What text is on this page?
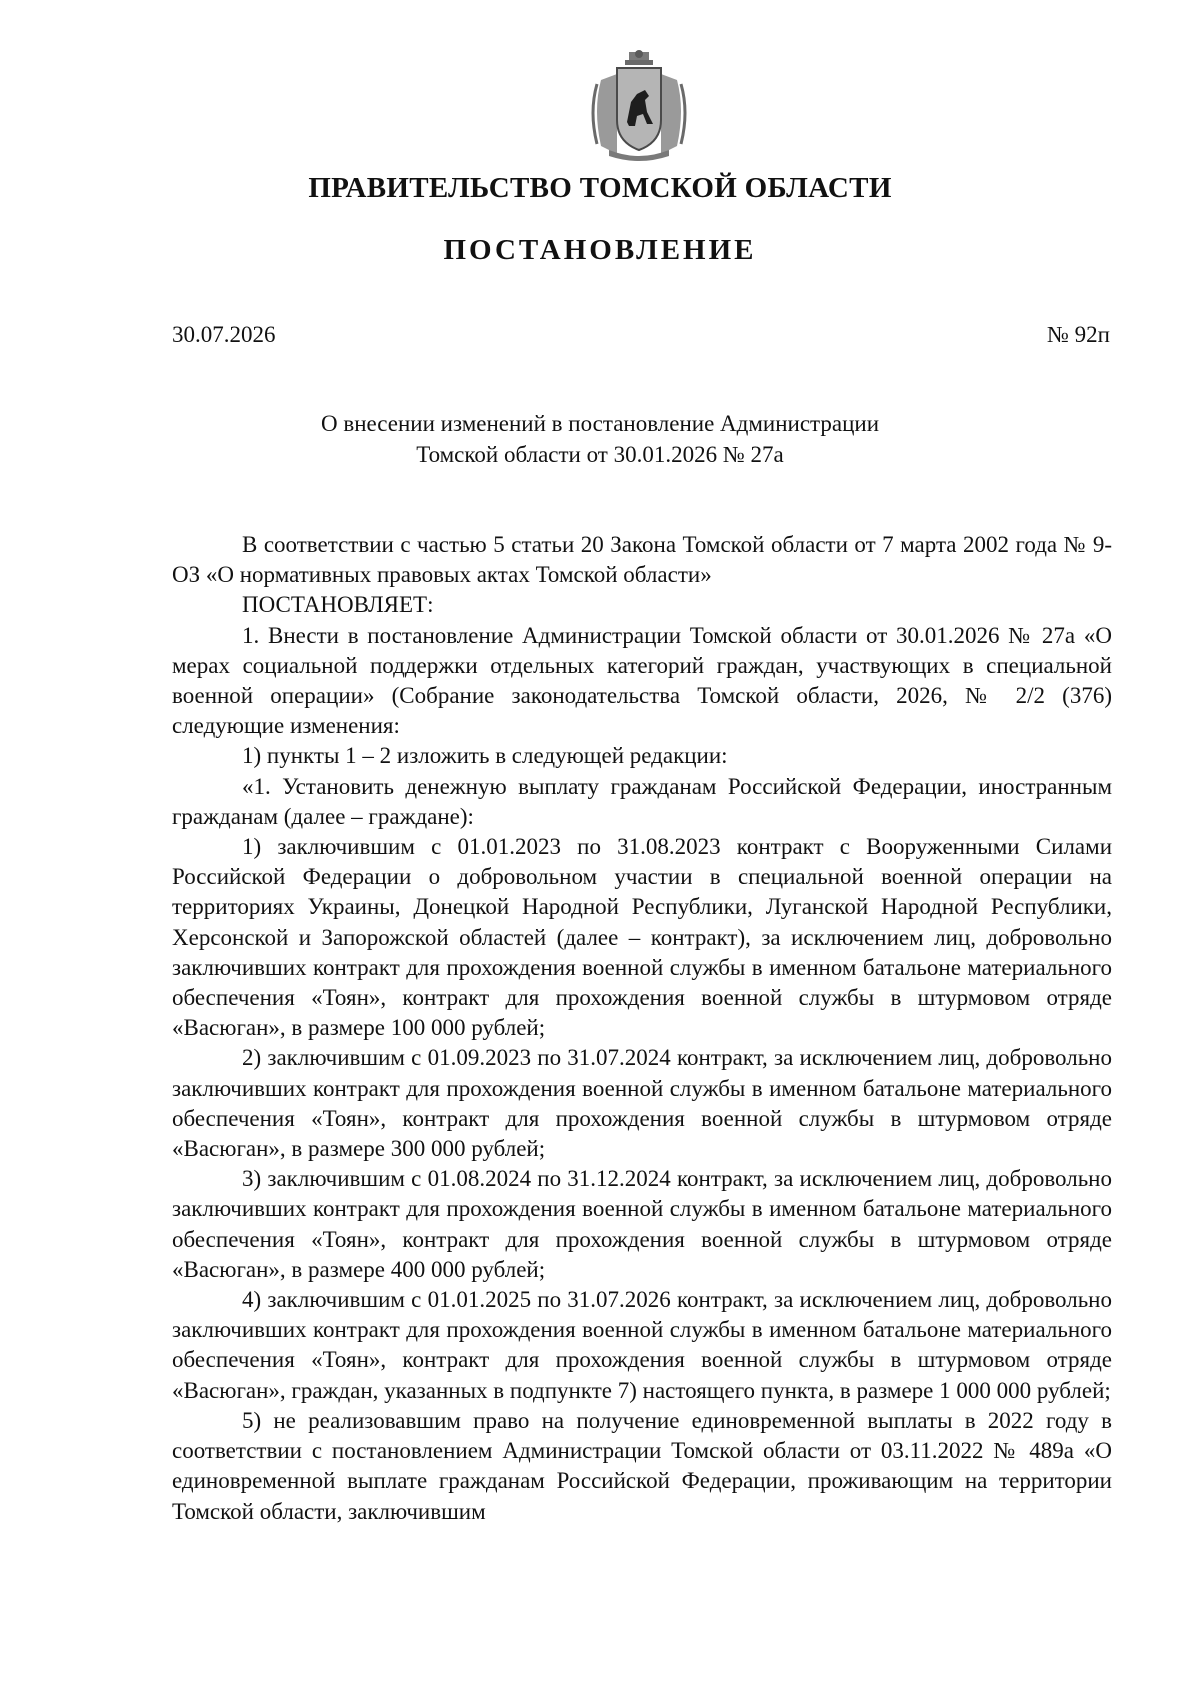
ПРАВИТЕЛЬСТВО ТОМСКОЙ ОБЛАСТИ
ПОСТАНОВЛЕНИЕ
30.07.2026	№ 92п
О внесении изменений в постановление Администрации
Томской области от 30.01.2026 № 27а

В соответствии с частью 5 статьи 20 Закона Томской области от 7 марта 2002 года № 9-ОЗ «О нормативных правовых актах Томской области»

ПОСТАНОВЛЯЕТ:

1. Внести в постановление Администрации Томской области от 30.01.2026 № 27а «О мерах социальной поддержки отдельных категорий граждан, участвующих в специальной военной операции» (Собрание законодательства Томской области, 2026, № 2/2 (376) следующие изменения:

1) пункты 1 – 2 изложить в следующей редакции:

«1. Установить денежную выплату гражданам Российской Федерации, иностранным гражданам (далее – граждане):

1) заключившим с 01.01.2023 по 31.08.2023 контракт с Вооруженными Силами Российской Федерации о добровольном участии в специальной военной операции на территориях Украины, Донецкой Народной Республики, Луганской Народной Республики, Херсонской и Запорожской областей (далее – контракт), за исключением лиц, добровольно заключивших контракт для прохождения военной службы в именном батальоне материального обеспечения «Тоян», контракт для прохождения военной службы в штурмовом отряде «Васюган», в размере 100 000 рублей;

2) заключившим с 01.09.2023 по 31.07.2024 контракт, за исключением лиц, добровольно заключивших контракт для прохождения военной службы в именном батальоне материального обеспечения «Тоян», контракт для прохождения военной службы в штурмовом отряде «Васюган», в размере 300 000 рублей;

3) заключившим с 01.08.2024 по 31.12.2024 контракт, за исключением лиц, добровольно заключивших контракт для прохождения военной службы в именном батальоне материального обеспечения «Тоян», контракт для прохождения военной службы в штурмовом отряде «Васюган», в размере 400 000 рублей;

4) заключившим с 01.01.2025 по 31.07.2026 контракт, за исключением лиц, добровольно заключивших контракт для прохождения военной службы в именном батальоне материального обеспечения «Тоян», контракт для прохождения военной службы в штурмовом отряде «Васюган», граждан, указанных в подпункте 7) настоящего пункта, в размере 1 000 000 рублей;

5) не реализовавшим право на получение единовременной выплаты в 2022 году в соответствии с постановлением Администрации Томской области от 03.11.2022 № 489а «О единовременной выплате гражданам Российской Федерации, проживающим на территории Томской области, заключившим
